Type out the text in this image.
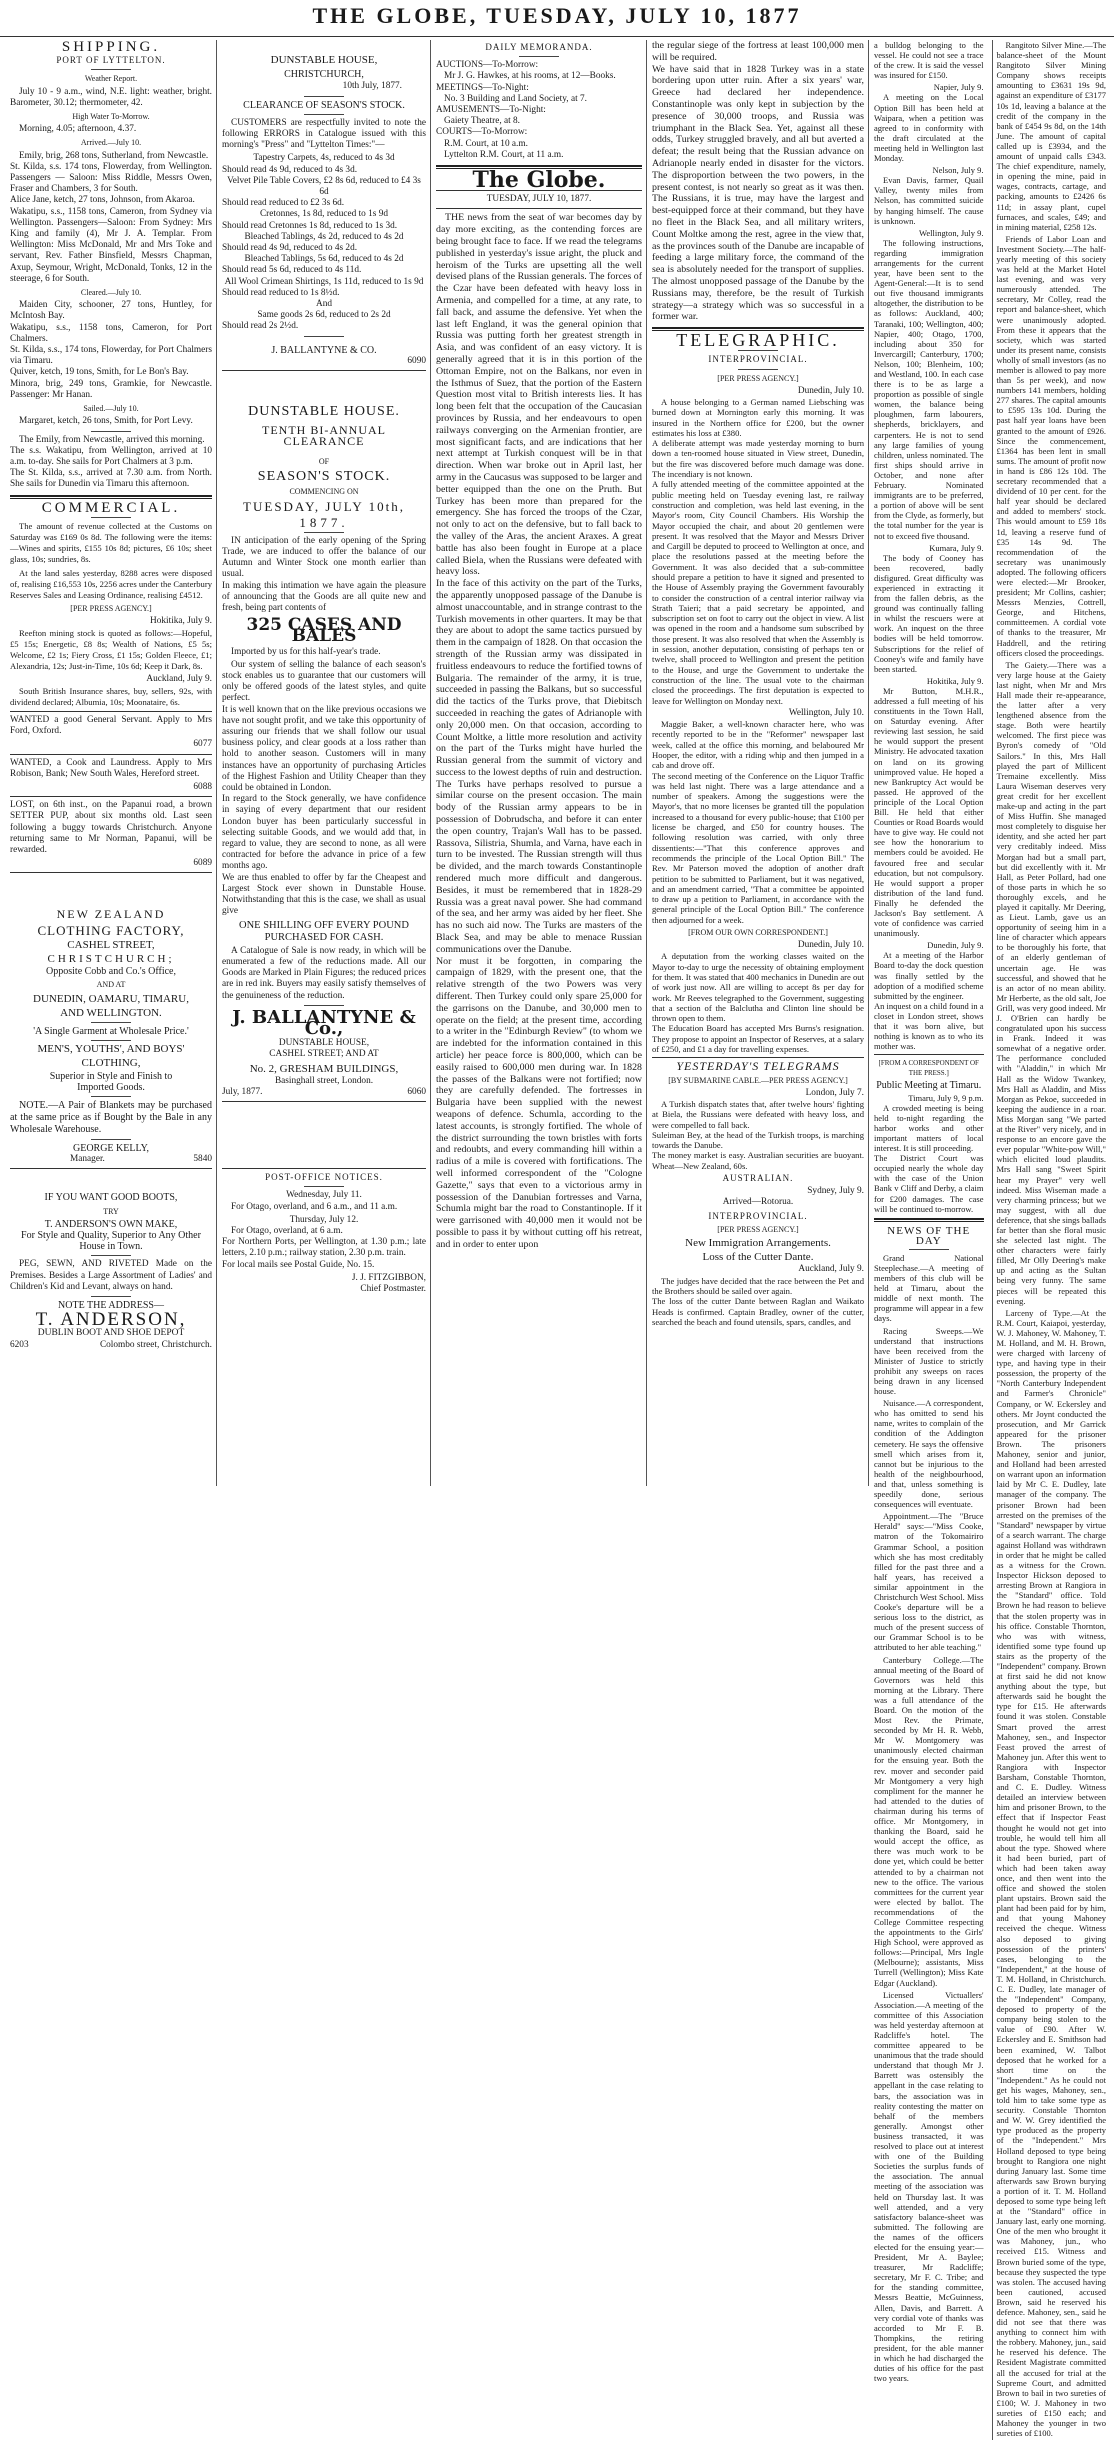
THE GLOBE, TUESDAY, JULY 10, 1877
SHIPPING.
PORT OF LYTTELTON.
Weather Report.

July 10 - 9 a.m., wind, N.E. light: weather, bright. Barometer, 30.12; thermometer, 42.

High Water To-Morrow.

Morning, 4.05; afternoon, 4.37.

Arrived.—July 10.

Emily, brig, 268 tons, Sutherland, from Newcastle.
St. Kilda, s.s. 174 tons, Flowerday, from Wellington. Passengers — Saloon: Miss Riddle, Messrs Owen, Fraser and Chambers, 3 for South.
Alice Jane, ketch, 27 tons, Johnson, from Akaroa.
Wakatipu, s.s., 1158 tons, Cameron, from Sydney via Wellington. Passengers—Saloon: From Sydney: Mrs King and family (4), Mr J. A. Templar. From Wellington: Miss McDonald, Mr and Mrs Toke and servant, Rev. Father Binsfield, Messrs Chapman, Axup, Seymour, Wright, McDonald, Tonks, 12 in the steerage, 6 for South.

Cleared.—July 10.

Maiden City, schooner, 27 tons, Huntley, for McIntosh Bay.
Wakatipu, s.s., 1158 tons, Cameron, for Port Chalmers.
St. Kilda, s.s., 174 tons, Flowerday, for Port Chalmers via Timaru.
Quiver, ketch, 19 tons, Smith, for Le Bon's Bay.
Minora, brig, 249 tons, Gramkie, for Newcastle. Passenger: Mr Hanan.

Sailed.—July 10.

Margaret, ketch, 26 tons, Smith, for Port Levy.

The Emily, from Newcastle, arrived this morning.
The s.s. Wakatipu, from Wellington, arrived at 10 a.m. to-day. She sails for Port Chalmers at 3 p.m.
The St. Kilda, s.s., arrived at 7.30 a.m. from North. She sails for Dunedin via Timaru this afternoon.

COMMERCIAL.

The amount of revenue collected at the Customs on Saturday was £169 0s 8d. The following were the items:—Wines and spirits, £155 10s 8d; pictures, £6 10s; sheet glass, 10s; sundries, 8s.

At the land sales yesterday, 8288 acres were disposed of, realising £16,553 10s, 2256 acres under the Canterbury Reserves Sales and Leasing Ordinance, realising £4512.

[PER PRESS AGENCY.]
Hokitika, July 9.

Reefton mining stock is quoted as follows:—Hopeful, £5 15s; Energetic, £8 8s; Wealth of Nations, £5 5s; Welcome, £2 1s; Fiery Cross, £1 15s; Golden Fleece, £1; Alexandria, 12s; Just-in-Time, 10s 6d; Keep it Dark, 8s.

Auckland, July 9.

South British Insurance shares, buy, sellers, 92s, with dividend declared; Albumia, 10s; Moonataire, 6s.

WANTED a good General Servant. Apply to Mrs Ford, Oxford.

6077

WANTED, a Cook and Laundress. Apply to Mrs Robison, Bank; New South Wales, Hereford street.

6088

LOST, on 6th inst., on the Papanui road, a brown SETTER PUP, about six months old. Last seen following a buggy towards Christchurch. Anyone returning same to Mr Norman, Papanui, will be rewarded.

6089
NEW ZEALAND
CLOTHING FACTORY,
CASHEL STREET,
CHRISTCHURCH;
Opposite Cobb and Co.'s Office,
AND AT
DUNEDIN, OAMARU, TIMARU,
AND WELLINGTON.
'A Single Garment at Wholesale Price.'
MEN'S, YOUTHS', AND BOYS'
CLOTHING,
Superior in Style and Finish to
Imported Goods.

NOTE.—A Pair of Blankets may be purchased at the same price as if Bought by the Bale in any Wholesale Warehouse.

GEORGE KELLY,
Manager.	5840
IF YOU WANT GOOD BOOTS,
TRY
T. ANDERSON'S OWN MAKE,

For Style and Quality, Superior to Any Other House in Town.

PEG, SEWN, AND RIVETED Made on the Premises. Besides a Large Assortment of Ladies' and Children's Kid and Levant, always on hand.

NOTE THE ADDRESS—
T. ANDERSON,
DUBLIN BOOT AND SHOE DEPOT
6203	Colombo street, Christchurch.
DUNSTABLE HOUSE,
CHRISTCHURCH,
10th July, 1877.
CLEARANCE OF SEASON'S STOCK.

CUSTOMERS are respectfully invited to note the following ERRORS in Catalogue issued with this morning's "Press" and "Lyttelton Times:"—

Tapestry Carpets, 4s, reduced to 4s 3d
Should read 4s 9d, reduced to 4s 3d.
Velvet Pile Table Covers, £2 8s 6d, reduced to £4 3s 6d
Should read reduced to £2 3s 6d.
Cretonnes, 1s 8d, reduced to 1s 9d
Should read Cretonnes 1s 8d, reduced to 1s 3d.
Bleached Tablings, 4s 2d, reduced to 4s 2d
Should read 4s 9d, reduced to 4s 2d.
Bleached Tablings, 5s 6d, reduced to 4s 2d
Should read 5s 6d, reduced to 4s 11d.
All Wool Crimean Shirtings, 1s 11d, reduced to 1s 9d
Should read reduced to 1s 8½d.
And
Same goods 2s 6d, reduced to 2s 2d
Should read 2s 2½d.
J. BALLANTYNE & CO.
6090
DUNSTABLE HOUSE.
TENTH BI-ANNUAL CLEARANCE
OF
SEASON'S STOCK.
COMMENCING ON
TUESDAY, JULY 10th,
1877.

IN anticipation of the early opening of the Spring Trade, we are induced to offer the balance of our Autumn and Winter Stock one month earlier than usual.
In making this intimation we have again the pleasure of announcing that the Goods are all quite new and fresh, being part contents of

325 CASES AND BALES

Imported by us for this half-year's trade.

Our system of selling the balance of each season's stock enables us to guarantee that our customers will only be offered goods of the latest styles, and quite perfect.
It is well known that on the like previous occasions we have not sought profit, and we take this opportunity of assuring our friends that we shall follow our usual business policy, and clear goods at a loss rather than hold to another season. Customers will in many instances have an opportunity of purchasing Articles of the Highest Fashion and Utility Cheaper than they could be obtained in London.
In regard to the Stock generally, we have confidence in saying of every department that our resident London buyer has been particularly successful in selecting suitable Goods, and we would add that, in regard to value, they are second to none, as all were contracted for before the advance in price of a few months ago.
We are thus enabled to offer by far the Cheapest and Largest Stock ever shown in Dunstable House. Notwithstanding that this is the case, we shall as usual give

ONE SHILLING OFF EVERY POUND PURCHASED FOR CASH.

A Catalogue of Sale is now ready, in which will be enumerated a few of the reductions made. All our Goods are Marked in Plain Figures; the reduced prices are in red ink. Buyers may easily satisfy themselves of the genuineness of the reduction.

J. BALLANTYNE & Co.,
DUNSTABLE HOUSE,
CASHEL STREET; AND AT
No. 2, GRESHAM BUILDINGS,
Basinghall street, London.
July, 1877.	6060
POST-OFFICE NOTICES.
Wednesday, July 11.

For Otago, overland, and 6 a.m., and 11 a.m.

Thursday, July 12.

For Otago, overland, at 6 a.m.
For Northern Ports, per Wellington, at 1.30 p.m.; late letters, 2.10 p.m.; railway station, 2.30 p.m. train.
For local mails see Postal Guide, No. 15.

J. J. FITZGIBBON,
Chief Postmaster.
DAILY MEMORANDA.
AUCTIONS—To-Morrow:
Mr J. G. Hawkes, at his rooms, at 12—Books.
MEETINGS—To-Night:
No. 3 Building and Land Society, at 7.
AMUSEMENTS—To-Night:
Gaiety Theatre, at 8.
COURTS—To-Morrow:
R.M. Court, at 10 a.m.
Lyttelton R.M. Court, at 11 a.m.
The Globe.
TUESDAY, JULY 10, 1877.

THE news from the seat of war becomes day by day more exciting, as the contending forces are being brought face to face. If we read the telegrams published in yesterday's issue aright, the pluck and heroism of the Turks are upsetting all the well devised plans of the Russian generals. The forces of the Czar have been defeated with heavy loss in Armenia, and compelled for a time, at any rate, to fall back, and assume the defensive. Yet when the last left England, it was the general opinion that Russia was putting forth her greatest strength in Asia, and was confident of an easy victory. It is generally agreed that it is in this portion of the Ottoman Empire, not on the Balkans, nor even in the Isthmus of Suez, that the portion of the Eastern Question most vital to British interests lies. It has long been felt that the occupation of the Caucasian provinces by Russia, and her endeavours to open railways converging on the Armenian frontier, are most significant facts, and are indications that her next attempt at Turkish conquest will be in that direction. When war broke out in April last, her army in the Caucasus was supposed to be larger and better equipped than the one on the Pruth. But Turkey has been more than prepared for the emergency. She has forced the troops of the Czar, not only to act on the defensive, but to fall back to the valley of the Aras, the ancient Araxes. A great battle has also been fought in Europe at a place called Biela, when the Russians were defeated with heavy loss.
In the face of this activity on the part of the Turks, the apparently unopposed passage of the Danube is almost unaccountable, and in strange contrast to the Turkish movements in other quarters. It may be that they are about to adopt the same tactics pursued by them in the campaign of 1828. On that occasion the strength of the Russian army was dissipated in fruitless endeavours to reduce the fortified towns of Bulgaria. The remainder of the army, it is true, succeeded in passing the Balkans, but so successful did the tactics of the Turks prove, that Diebitsch succeeded in reaching the gates of Adrianople with only 20,000 men. On that occasion, according to Count Moltke, a little more resolution and activity on the part of the Turks might have hurled the Russian general from the summit of victory and success to the lowest depths of ruin and destruction. The Turks have perhaps resolved to pursue a similar course on the present occasion. The main body of the Russian army appears to be in possession of Dobrudscha, and before it can enter the open country, Trajan's Wall has to be passed. Rassova, Silistria, Shumla, and Varna, have each in turn to be invested. The Russian strength will thus be divided, and the march towards Constantinople rendered much more difficult and dangerous. Besides, it must be remembered that in 1828-29 Russia was a great naval power. She had command of the sea, and her army was aided by her fleet. She has no such aid now. The Turks are masters of the Black Sea, and may be able to menace Russian communications over the Danube.
Nor must it be forgotten, in comparing the campaign of 1829, with the present one, that the relative strength of the two Powers was very different. Then Turkey could only spare 25,000 for the garrisons on the Danube, and 30,000 men to operate on the field; at the present time, according to a writer in the "Edinburgh Review" (to whom we are indebted for the information contained in this article) her peace force is 800,000, which can be easily raised to 600,000 men during war. In 1828 the passes of the Balkans were not fortified; now they are carefully defended. The fortresses in Bulgaria have been supplied with the newest weapons of defence. Schumla, according to the latest accounts, is strongly fortified. The whole of the district surrounding the town bristles with forts and redoubts, and every commanding hill within a radius of a mile is covered with fortifications. The well informed correspondent of the "Cologne Gazette," says that even to a victorious army in possession of the Danubian fortresses and Varna, Schumla might bar the road to Constantinople. If it were garrisoned with 40,000 men it would not be possible to pass it by without cutting off his retreat, and in order to enter upon

the regular siege of the fortress at least 100,000 men will be required.
We have said that in 1828 Turkey was in a state bordering upon utter ruin. After a six years' war, Greece had declared her independence. Constantinople was only kept in subjection by the presence of 30,000 troops, and Russia was triumphant in the Black Sea. Yet, against all these odds, Turkey struggled bravely, and all but averted a defeat; the result being that the Russian advance on Adrianople nearly ended in disaster for the victors. The disproportion between the two powers, in the present contest, is not nearly so great as it was then. The Russians, it is true, may have the largest and best-equipped force at their command, but they have no fleet in the Black Sea, and all military writers, Count Moltke among the rest, agree in the view that, as the provinces south of the Danube are incapable of feeding a large military force, the command of the sea is absolutely needed for the transport of supplies. The almost unopposed passage of the Danube by the Russians may, therefore, be the result of Turkish strategy—a strategy which was so successful in a former war.

TELEGRAPHIC.
INTERPROVINCIAL.
[PER PRESS AGENCY.]
Dunedin, July 10.

A house belonging to a German named Liebsching was burned down at Mornington early this morning. It was insured in the Northern office for £200, but the owner estimates his loss at £380.
A deliberate attempt was made yesterday morning to burn down a ten-roomed house situated in View street, Dunedin, but the fire was discovered before much damage was done. The incendiary is not known.
A fully attended meeting of the committee appointed at the public meeting held on Tuesday evening last, re railway construction and completion, was held last evening, in the Mayor's room, City Council Chambers. His Worship the Mayor occupied the chair, and about 20 gentlemen were present. It was resolved that the Mayor and Messrs Driver and Cargill be deputed to proceed to Wellington at once, and place the resolutions passed at the meeting before the Government. It was also decided that a sub-committee should prepare a petition to have it signed and presented to the House of Assembly praying the Government favourably to consider the construction of a central interior railway via Strath Taieri; that a paid secretary be appointed, and subscription set on foot to carry out the object in view. A list was opened in the room and a handsome sum subscribed by those present. It was also resolved that when the Assembly is in session, another deputation, consisting of perhaps ten or twelve, shall proceed to Wellington and present the petition to the House, and urge the Government to undertake the construction of the line. The usual vote to the chairman closed the proceedings. The first deputation is expected to leave for Wellington on Monday next.

Wellington, July 10.

Maggie Baker, a well-known character here, who was recently reported to be in the "Reformer" newspaper last week, called at the office this morning, and belaboured Mr Hooper, the editor, with a riding whip and then jumped in a cab and drove off.
The second meeting of the Conference on the Liquor Traffic was held last night. There was a large attendance and a number of speakers. Among the suggestions were the Mayor's, that no more licenses be granted till the population increased to a thousand for every public-house; that £100 per license be charged, and £50 for country houses. The following resolution was carried, with only three dissentients:—"That this conference approves and recommends the principle of the Local Option Bill." The Rev. Mr Paterson moved the adoption of another draft petition to be submitted to Parliament, but it was negatived, and an amendment carried, "That a committee be appointed to draw up a petition to Parliament, in accordance with the general principle of the Local Option Bill." The conference then adjourned for a week.

[FROM OUR OWN CORRESPONDENT.]
Dunedin, July 10.

A deputation from the working classes waited on the Mayor to-day to urge the necessity of obtaining employment for them. It was stated that 400 mechanics in Dunedin are out of work just now. All are willing to accept 8s per day for work. Mr Reeves telegraphed to the Government, suggesting that a section of the Balclutha and Clinton line should be thrown open to them.
The Education Board has accepted Mrs Burns's resignation. They propose to appoint an Inspector of Reserves, at a salary of £250, and £1 a day for travelling expenses.

YESTERDAY'S TELEGRAMS
[BY SUBMARINE CABLE.—PER PRESS AGENCY.]
London, July 7.

A Turkish dispatch states that, after twelve hours' fighting at Biela, the Russians were defeated with heavy loss, and were compelled to fall back.
Suleiman Bey, at the head of the Turkish troops, is marching towards the Danube.
The money market is easy. Australian securities are buoyant. Wheat—New Zealand, 60s.

AUSTRALIAN.
Sydney, July 9.
Arrived—Rotorua.
INTERPROVINCIAL.
[PER PRESS AGENCY.]
New Immigration Arrangements.
Loss of the Cutter Dante.
Auckland, July 9.

The judges have decided that the race between the Pet and the Brothers should be sailed over again.
The loss of the cutter Dante between Raglan and Waikato Heads is confirmed. Captain Bradley, owner of the cutter, searched the beach and found utensils, spars, candles, and

a bulldog belonging to the vessel. He could not see a trace of the crew. It is said the vessel was insured for £150.

Napier, July 9.

A meeting on the Local Option Bill has been held at Waipara, when a petition was agreed to in conformity with the draft circulated at the meeting held in Wellington last Monday.

Nelson, July 9.

Evan Davis, farmer, Quail Valley, twenty miles from Nelson, has committed suicide by hanging himself. The cause is unknown.

Wellington, July 9.

The following instructions, regarding immigration arrangements for the current year, have been sent to the Agent-General:—It is to send out five thousand immigrants altogether, the distribution to be as follows: Auckland, 400; Taranaki, 100; Wellington, 400; Napier, 400; Otago, 1700, including about 350 for Invercargill; Canterbury, 1700; Nelson, 100; Blenheim, 100; and Westland, 100. In each case there is to be as large a proportion as possible of single women, the balance being ploughmen, farm labourers, shepherds, bricklayers, and carpenters. He is not to send any large families of young children, unless nominated. The first ships should arrive in October, and none after February. Nominated immigrants are to be preferred, a portion of above will be sent from the Clyde, as formerly, but the total number for the year is not to exceed five thousand.

Kumara, July 9.

The body of Cooney has been recovered, badly disfigured. Great difficulty was experienced in extracting it from the fallen debris, as the ground was continually falling in whilst the rescuers were at work. An inquest on the three bodies will be held tomorrow. Subscriptions for the relief of Cooney's wife and family have been started.

Hokitika, July 9.

Mr Button, M.H.R., addressed a full meeting of his constituents in the Town Hall, on Saturday evening. After reviewing last session, he said he would support the present Ministry. He advocated taxation on land on its growing unimproved value. He hoped a new Bankruptcy Act would be passed. He approved of the principle of the Local Option Bill. He held that either Counties or Road Boards would have to give way. He could not see how the honorarium to members could be avoided. He favoured free and secular education, but not compulsory. He would support a proper distribution of the land fund. Finally he defended the Jackson's Bay settlement. A vote of confidence was carried unanimously.

Dunedin, July 9.

At a meeting of the Harbor Board to-day the dock question was finally settled by the adoption of a modified scheme submitted by the engineer.
An inquest on a child found in a closet in London street, shows that it was born alive, but nothing is known as to who its mother was.

[FROM A CORRESPONDENT OF THE PRESS.]
Public Meeting at Timaru.
Timaru, July 9, 9 p.m.

A crowded meeting is being held to-night regarding the harbor works and other important matters of local interest. It is still proceeding.
The District Court was occupied nearly the whole day with the case of the Union Bank v Cliff and Derby, a claim for £200 damages. The case will be continued to-morrow.

NEWS OF THE DAY

Grand National Steeplechase.—A meeting of members of this club will be held at Timaru, about the middle of next month. The programme will appear in a few days.

Racing Sweeps.—We understand that instructions have been received from the Minister of Justice to strictly prohibit any sweeps on races being drawn in any licensed house.

Nuisance.—A correspondent, who has omitted to send his name, writes to complain of the condition of the Addington cemetery. He says the offensive smell which arises from it, cannot but be injurious to the health of the neighbourhood, and that, unless something is speedily done, serious consequences will eventuate.

Appointment.—The "Bruce Herald" says:—"Miss Cooke, matron of the Tokomairiro Grammar School, a position which she has most creditably filled for the past three and a half years, has received a similar appointment in the Christchurch West School. Miss Cooke's departure will be a serious loss to the district, as much of the present success of our Grammar School is to be attributed to her able teaching."

Canterbury College.—The annual meeting of the Board of Governors was held this morning at the Library. There was a full attendance of the Board. On the motion of the Most Rev. the Primate, seconded by Mr H. R. Webb, Mr W. Montgomery was unanimously elected chairman for the ensuing year. Both the rev. mover and seconder paid Mr Montgomery a very high compliment for the manner he had attended to the duties of chairman during his terms of office. Mr Montgomery, in thanking the Board, said he would accept the office, as there was much work to be done yet, which could be better attended to by a chairman not new to the office. The various committees for the current year were elected by ballot. The recommendations of the College Committee respecting the appointments to the Girls' High School, were approved as follows:—Principal, Mrs Ingle (Melbourne); assistants, Miss Turrell (Wellington); Miss Kate Edgar (Auckland).

Licensed Victuallers' Association.—A meeting of the committee of this Association was held yesterday afternoon at Radcliffe's hotel. The committee appeared to be unanimous that the trade should understand that though Mr J. Barrett was ostensibly the appellant in the case relating to bars, the association was in reality contesting the matter on behalf of the members generally. Amongst other business transacted, it was resolved to place out at interest with one of the Building Societies the surplus funds of the association. The annual meeting of the association was held on Thursday last. It was well attended, and a very satisfactory balance-sheet was submitted. The following are the names of the officers elected for the ensuing year:—President, Mr A. Baylee; treasurer, Mr Radcliffe; secretary, Mr F. C. Tribe; and for the standing committee, Messrs Beattie, McGuinness, Allen, Davis, and Barrett. A very cordial vote of thanks was accorded to Mr F. B. Thompkins, the retiring president, for the able manner in which he had discharged the duties of his office for the past two years.

Rangitoto Silver Mine.—The balance-sheet of the Mount Rangitoto Silver Mining Company shows receipts amounting to £3631 19s 9d, against an expenditure of £3177 10s 1d, leaving a balance at the credit of the company in the bank of £454 9s 8d, on the 14th June. The amount of capital called up is £3934, and the amount of unpaid calls £343. The chief expenditure, namely, in opening the mine, paid in wages, contracts, cartage, and packing, amounts to £2426 6s 11d; in assay plant, cupel furnaces, and scales, £49; and in mining material, £258 12s.

Friends of Labor Loan and Investment Society.—The half-yearly meeting of this society was held at the Market Hotel last evening, and was very numerously attended. The secretary, Mr Colley, read the report and balance-sheet, which were unanimously adopted. From these it appears that the society, which was started under its present name, consists wholly of small investors (as no member is allowed to pay more than 5s per week), and now numbers 141 members, holding 277 shares. The capital amounts to £595 13s 10d. During the past half year loans have been granted to the amount of £926. Since the commencement, £1364 has been lent in small sums. The amount of profit now in hand is £86 12s 10d. The secretary recommended that a dividend of 10 per cent. for the half year should be declared and added to members' stock. This would amount to £59 18s 1d, leaving a reserve fund of £35 14s 9d. The recommendation of the secretary was unanimously adopted. The following officers were elected:—Mr Brooker, president; Mr Collins, cashier; Messrs Menzies, Cottrell, George, and Hitchens, committeemen. A cordial vote of thanks to the treasurer, Mr Haddrell, and the retiring officers closed the proceedings.

The Gaiety.—There was a very large house at the Gaiety last night, when Mr and Mrs Hall made their re-appearance, the latter after a very lengthened absence from the stage. Both were heartily welcomed. The first piece was Byron's comedy of "Old Sailors." In this, Mrs Hall played the part of Millicent Tremaine excellently. Miss Laura Wiseman deserves very great credit for her excellent make-up and acting in the part of Miss Huffin. She managed most completely to disguise her identity, and she acted her part very creditably indeed. Miss Morgan had but a small part, but did excellently with it. Mr Hall, as Peter Pollard, had one of those parts in which he so thoroughly excels, and he played it capitally. Mr Deering, as Lieut. Lamb, gave us an opportunity of seeing him in a line of character which appears to be thoroughly his forte, that of an elderly gentleman of uncertain age. He was successful, and showed that he is an actor of no mean ability. Mr Herberte, as the old salt, Joe Grill, was very good indeed. Mr J. O'Brien can hardly be congratulated upon his success in Frank. Indeed it was somewhat of a negative order. The performance concluded with "Aladdin," in which Mr Hall as the Widow Twankey, Mrs Hall as Aladdin, and Miss Morgan as Pekoe, succeeded in keeping the audience in a roar. Miss Morgan sang "We parted at the River" very nicely, and in response to an encore gave the ever popular "White-pow Will," which elicited loud plaudits. Mrs Hall sang "Sweet Spirit hear my Prayer" very well indeed. Miss Wiseman made a very charming princess; but we may suggest, with all due deference, that she sings ballads far better than she floral music she selected last night. The other characters were fairly filled, Mr Olly Deering's make up and acting as the Sultan being very funny. The same pieces will be repeated this evening.

Larceny of Type.—At the R.M. Court, Kaiapoi, yesterday, W. J. Mahoney, W. Mahoney, T. M. Holland, and M. H. Brown, were charged with larceny of type, and having type in their possession, the property of the "North Canterbury Independent and Farmer's Chronicle" Company, or W. Eckersley and others. Mr Joynt conducted the prosecution, and Mr Garrick appeared for the prisoner Brown. The prisoners Mahoney, senior and junior, and Holland had been arrested on warrant upon an information laid by Mr C. E. Dudley, late manager of the company. The prisoner Brown had been arrested on the premises of the "Standard" newspaper by virtue of a search warrant. The charge against Holland was withdrawn in order that he might be called as a witness for the Crown. Inspector Hickson deposed to arresting Brown at Rangiora in the "Standard" office. Told Brown he had reason to believe that the stolen property was in his office. Constable Thornton, who was with witness, identified some type found up stairs as the property of the "Independent" company. Brown at first said he did not know anything about the type, but afterwards said he bought the type for £15. He afterwards found it was stolen. Constable Smart proved the arrest Mahoney, sen., and Inspector Feast proved the arrest of Mahoney jun. After this went to Rangiora with Inspector Barsham, Constable Thornton, and C. E. Dudley. Witness detailed an interview between him and prisoner Brown, to the effect that if Inspector Feast thought he would not get into trouble, he would tell him all about the type. Showed where it had been buried, part of which had been taken away once, and then went into the office and showed the stolen plant upstairs. Brown said the plant had been paid for by him, and that young Mahoney received the cheque. Witness also deposed to giving possession of the printers' cases, belonging to the "Independent," at the house of T. M. Holland, in Christchurch. C. E. Dudley, late manager of the "Independent" Company, deposed to property of the company being stolen to the value of £90. After W. Eckersley and E. Smithson had been examined, W. Talbot deposed that he worked for a short time on the "Independent." As he could not get his wages, Mahoney, sen., told him to take some type as security. Constable Thornton and W. W. Grey identified the type produced as the property of the "Independent." Mrs Holland deposed to type being brought to Rangiora one night during January last. Some time afterwards saw Brown burying a portion of it. T. M. Holland deposed to some type being left at the "Standard" office in January last, early one morning. One of the men who brought it was Mahoney, jun., who received £15. Witness and Brown buried some of the type, because they suspected the type was stolen. The accused having been cautioned, accused Brown, said he reserved his defence. Mahoney, sen., said he did not see that there was anything to connect him with the robbery. Mahoney, jun., said he reserved his defence. The Resident Magistrate committed all the accused for trial at the Supreme Court, and admitted Brown to bail in two sureties of £100; W. J. Mahoney in two sureties of £150 each; and Mahoney the younger in two sureties of £100.
